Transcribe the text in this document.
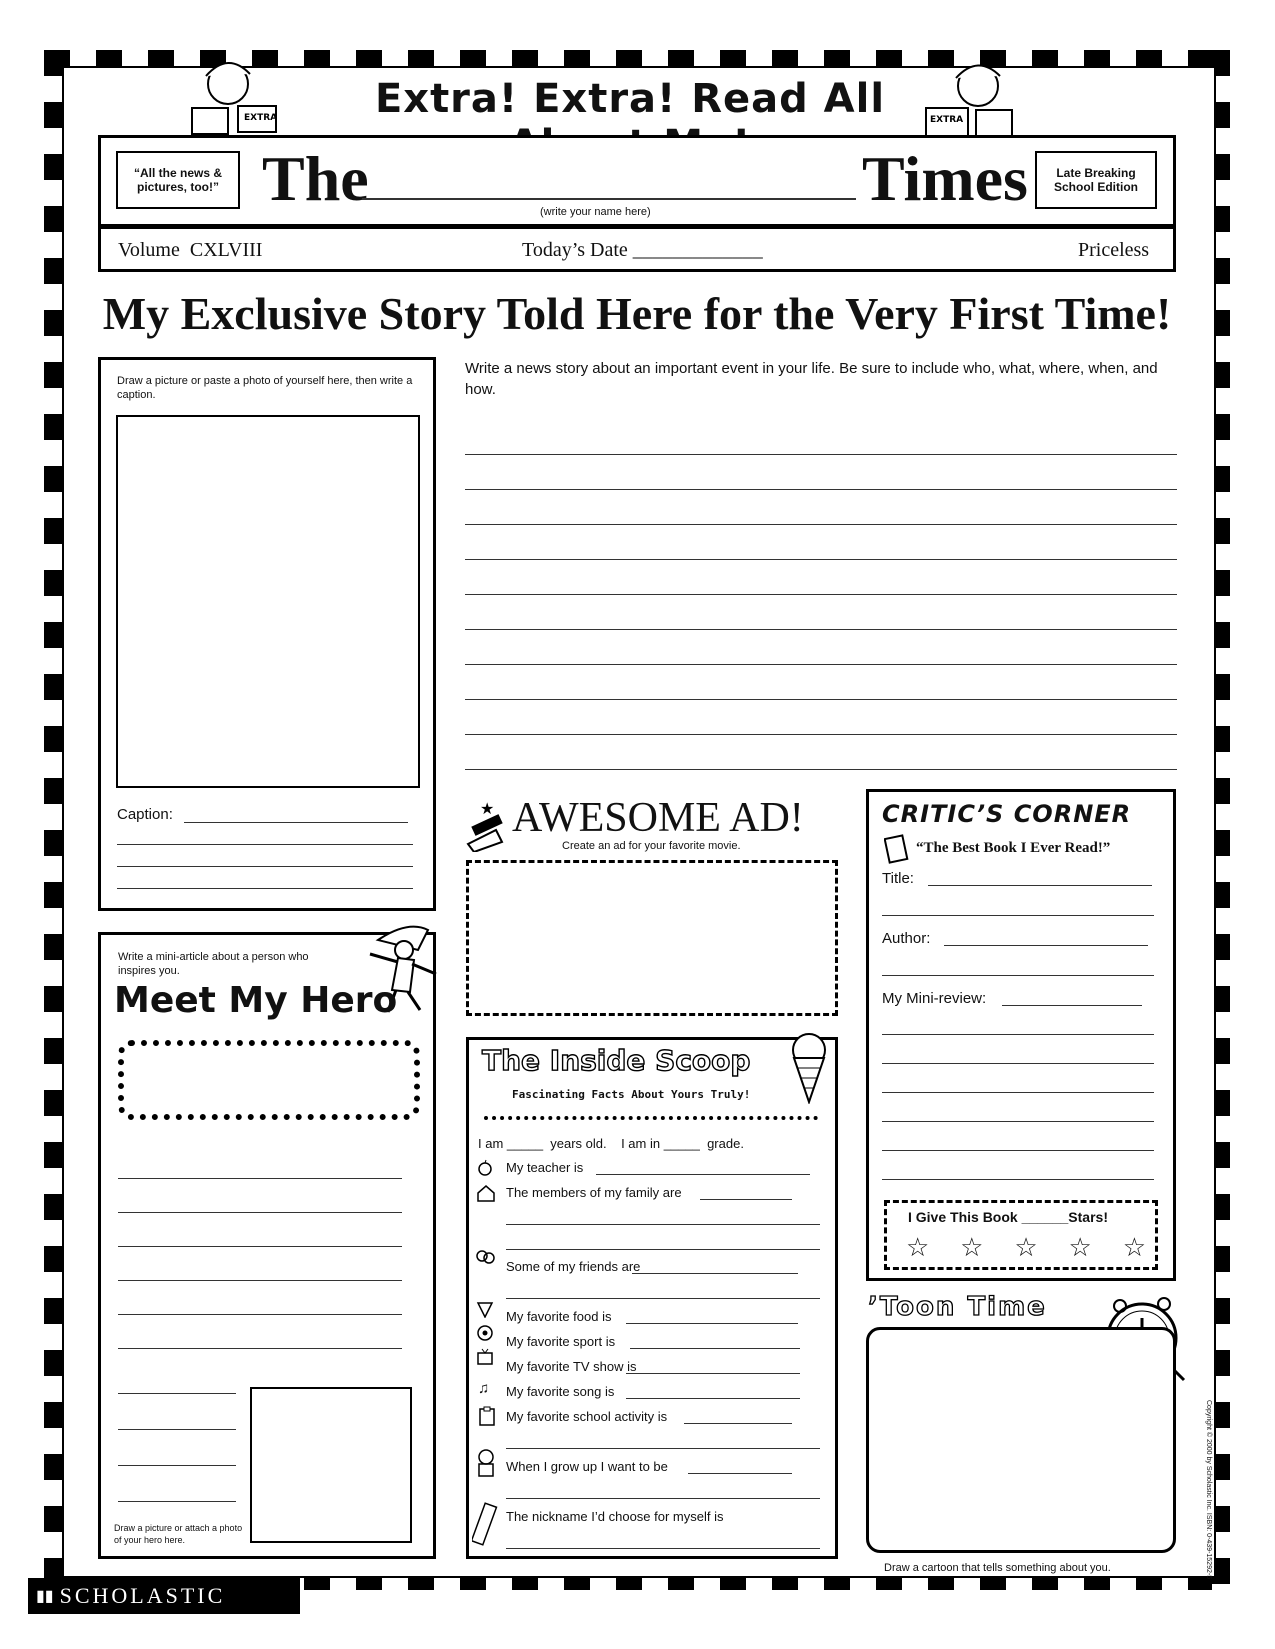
Extra! Extra! Read All
EXTRA	EXTRA
“All the news & pictures, too!” The	(write your name here)	Times	Late Breaking School Edition
Volume  CXLVIII	Today’s Date _____________	Priceless
My Exclusive Story Told Here for the Very First Time!
Draw a picture or paste a photo of yourself here, then write a caption.
Caption:
Write a news story about an important event in your life. Be sure to include who, what, where, when, and how.
★ AWESOME AD!
Create an ad for your favorite movie.
CRITIC’S CORNER
“The Best Book I Ever Read!”
Title:
Author:
My Mini-review:
I Give This Book ______Stars!
☆ ☆ ☆ ☆ ☆
Write a mini-article about a person who inspires you.
Meet My Hero
Draw a picture or attach a photo of your hero here.
The Inside Scoop
Fascinating Facts About Yours Truly!
I am _____  years old.    I am in _____  grade.
My teacher is
The members of my family are
Some of my friends are
My favorite food is
My favorite sport is
My favorite TV show is
♫ My favorite song is
My favorite school activity is
When I grow up I want to be
The nickname I’d choose for myself is
’Toon Time
Draw a cartoon that tells something about you.
▮▮ SCHOLASTIC
Copyright © 2000 by Scholastic Inc. ISBN: 0-439-15292-5
